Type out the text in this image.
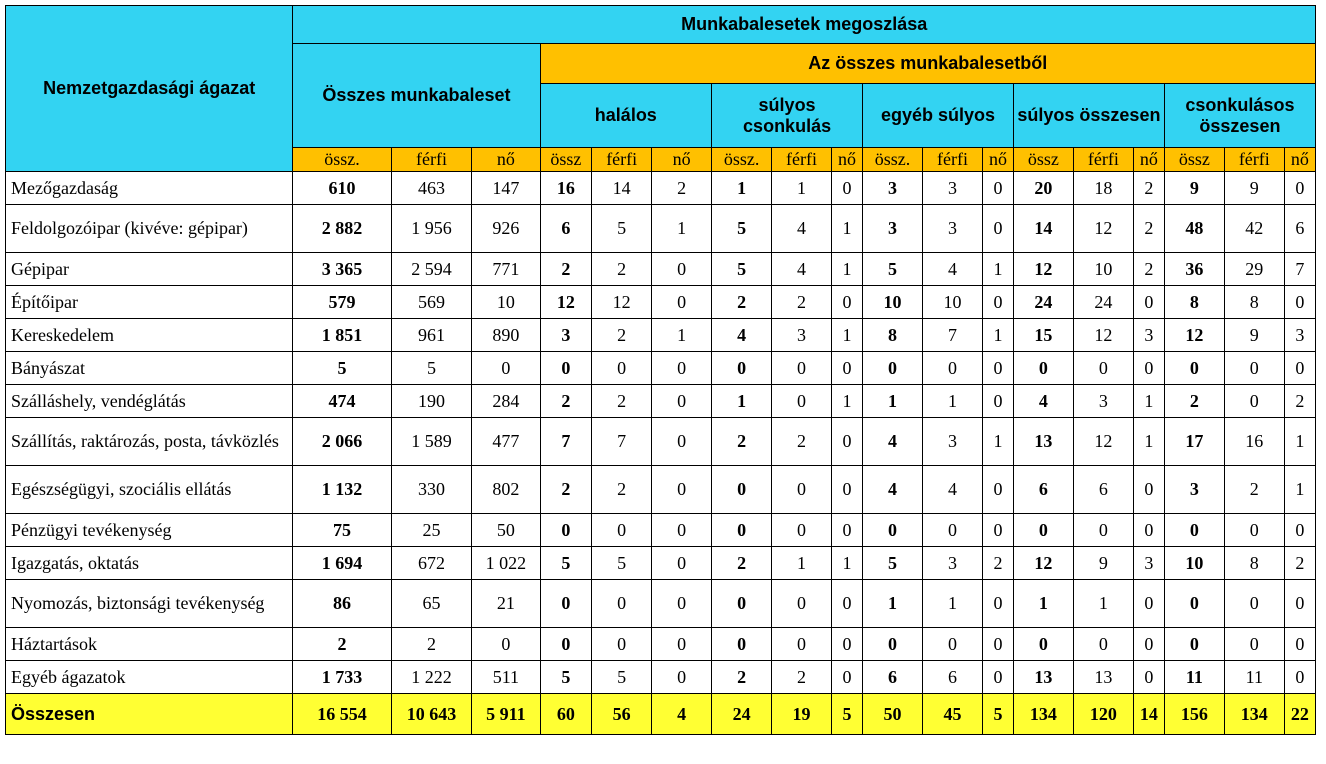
Nemzetgazdasági ágazat	Munkabalesetek megoszlása																	
	Összes munkabaleset			Az összes munkabalesetből														
				halálos			súlyos csonkulás			egyéb súlyos			súlyos összesen			csonkulásos összesen		
	össz.	férfi	nő	össz	férfi	nő	össz.	férfi	nő	össz.	férfi	nő	össz	férfi	nő	össz	férfi	nő
Mezőgazdaság	610	463	147	16	14	2	1	1	0	3	3	0	20	18	2	9	9	0
Feldolgozóipar (kivéve: gépipar)	2 882	1 956	926	6	5	1	5	4	1	3	3	0	14	12	2	48	42	6
Gépipar	3 365	2 594	771	2	2	0	5	4	1	5	4	1	12	10	2	36	29	7
Építőipar	579	569	10	12	12	0	2	2	0	10	10	0	24	24	0	8	8	0
Kereskedelem	1 851	961	890	3	2	1	4	3	1	8	7	1	15	12	3	12	9	3
Bányászat	5	5	0	0	0	0	0	0	0	0	0	0	0	0	0	0	0	0
Szálláshely, vendéglátás	474	190	284	2	2	0	1	0	1	1	1	0	4	3	1	2	0	2
Szállítás, raktározás, posta, távközlés	2 066	1 589	477	7	7	0	2	2	0	4	3	1	13	12	1	17	16	1
Egészségügyi, szociális ellátás	1 132	330	802	2	2	0	0	0	0	4	4	0	6	6	0	3	2	1
Pénzügyi tevékenység	75	25	50	0	0	0	0	0	0	0	0	0	0	0	0	0	0	0
Igazgatás, oktatás	1 694	672	1 022	5	5	0	2	1	1	5	3	2	12	9	3	10	8	2
Nyomozás, biztonsági tevékenység	86	65	21	0	0	0	0	0	0	1	1	0	1	1	0	0	0	0
Háztartások	2	2	0	0	0	0	0	0	0	0	0	0	0	0	0	0	0	0
Egyéb ágazatok	1 733	1 222	511	5	5	0	2	2	0	6	6	0	13	13	0	11	11	0
Összesen	16 554	10 643	5 911	60	56	4	24	19	5	50	45	5	134	120	14	156	134	22
